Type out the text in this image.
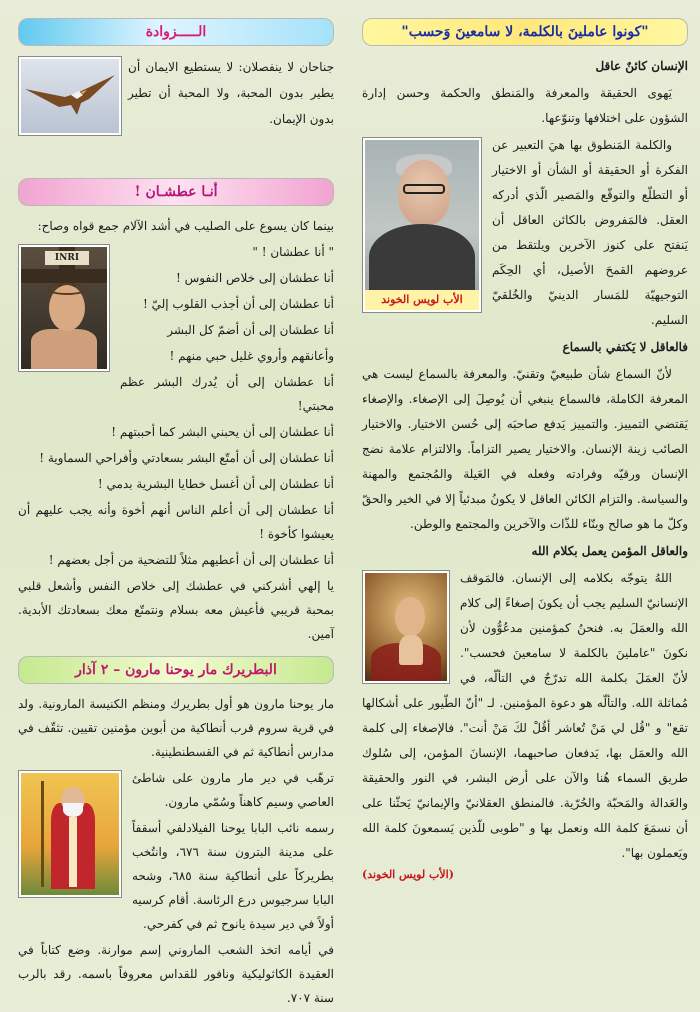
"كونوا عاملينَ بالكلمة، لا سامعينَ وَحسب"

الإنسان كائنٌ عاقل

يَهوى الحقيقة والمعرفة والمَنطق والحكمة وحسن إدارة الشؤون على اختلافها وتنوّعها.

الأب لويس الخوند

والكلمة المَنطوق بها هيَ التعبير عن الفكرة أو الحقيقة أو الشأن أو الاختيار أو التطلّع والتوقّع والمَصير الّذي أدركه العقل. فالمَفروض بالكائن العاقل أن يَنفتح على كنوز الآخرين ويلتقط من عروضهم القمحَ الأصيل، أي الحِكَم التوجيهيّة للمَسار الدينيّ والخُلقيّ السليم.

فالعاقل لا يَكتفي بالسماع

لأنّ السماع شأن طبيعيّ وتقنيّ. والمعرفة بالسماع ليست هي المعرفة الكاملة، فالسماع ينبغي أن يُوصِلَ إلى الإصغاء. والإصغاء يَقتضي التمييز. والتمييز يَدفع صاحبَه إلى حُسن الاختيار. والاختيار الصائب زينة الإنسان. والاختيار يصير التزاماً. والالتزام علامة نضج الإنسان ورقيّه وفرادته وفعله في العَيلة والمُجتمع والمهنة والسياسة. والتزام الكائن العاقل لا يكونُ مبدئياً إلا في الخير والحقّ وكلّ ما هو صالح وبنّاء للذّات والآخرين والمجتمع والوطن.

والعاقل المؤمن يعمل بكلام الله

اللهُ يتوجّه بكلامه إلى الإنسان. فالمَوقف الإنسانيّ السليم يجب أن يكونَ إصغاءً إلى كلام الله والعمَلَ به. فنحنُ كمؤمنين مدعُوُّون لأن نكونَ "عاملينَ بالكلمة لا سامعينَ فحسب". لأنّ العمَلَ بكلمة الله تدرّجٌ في التألّه، في مُماثلة الله. والتألّه هو دعوة المؤمنين. لـ "أنّ الطّيور على أشكالها تقع" و "قُل لي مَنْ تُعاشر أقُلْ لكَ مَنْ أنت". فالإصغاء إلى كلمة الله والعمَل بها، يَدفعان صاحبهما، الإنسانَ المؤمن، إلى سُلوك طريق السماء هُنا والآن على أرض البشر، في النور والحقيقة والعَدالة والمَحبّة والحُرّية. فالمنطق العقلانيّ والإيمانيّ يَحثّنا على أن نسمَعَ كلمة الله ونعمل بها و "طوبى للّذين يَسمعونَ كلمة الله ويَعملون بها".

(الأب لويس الخوند)
الـــــزوادة

جناحان لا ينفصلان: لا يستطيع الايمان أن يطير بدون المحبة، ولا المحبة أن تطير بدون الإيمان.

أنـا عطشـان !

بينما كان يسوع على الصليب في أشد الآلام جمع قواه وصاح:

INRI	" أنا عطشان ! "

أنا عطشان إلى خلاص النفوس !

أنا عطشان إلى أن أجذب القلوب إليّ !

أنا عطشان إلى أن أضمّ كل البشر

وأعانقهم وأروي غليل حبي منهم !

أنا عطشان إلى أن يُدرك البشر عظم محبتي!

أنا عطشان إلى أن يحبني البشر كما أحببتهم !

أنا عطشان إلى أن أمتّع البشر بسعادتي وأفراحي السماوية !

أنا عطشان إلى أن أغسل خطايا البشرية بدمي !

أنا عطشان إلى أن أعلم الناس أنهم أخوة وأنه يجب عليهم أن يعيشوا كأخوة !

أنا عطشان إلى أن أعطيهم مثلاً للتضحية من أجل بعضهم !

يا إلهي أشركني في عطشك إلى خلاص النفس وأشعل قلبي بمحبة قريبي فأعيش معه بسلام ونتمتّع معك بسعادتك الأبدية. آمين.

البطريرك مار يوحنا مارون – ٢ آذار

مار يوحنا مارون هو أول بطريرك ومنظم الكنيسة المارونية. ولد في قرية سروم قرب أنطاكية من أبوين مؤمنين تقيين. تثقّف في مدارس أنطاكية ثم في القسطنطينية.

ترهّب في دير مار مارون على شاطئ العاصي وسيم كاهناً وسُمّي مارون.

رسمه نائب البابا يوحنا الفيلادلفي أسقفاً على مدينة البترون سنة ٦٧٦، وانتُخب بطريركاً على أنطاكية سنة ٦٨٥، وشحه البابا سرجيوس درع الرئاسة. أقام كرسيه أولاً في دير سيدة يانوح ثم في كفرحي.

في أيامه اتخذ الشعب الماروني إسم موارنة. وضع كتاباً في العقيدة الكاثوليكية ونافور للقداس معروفاً باسمه. رقد بالرب سنة ٧٠٧.
